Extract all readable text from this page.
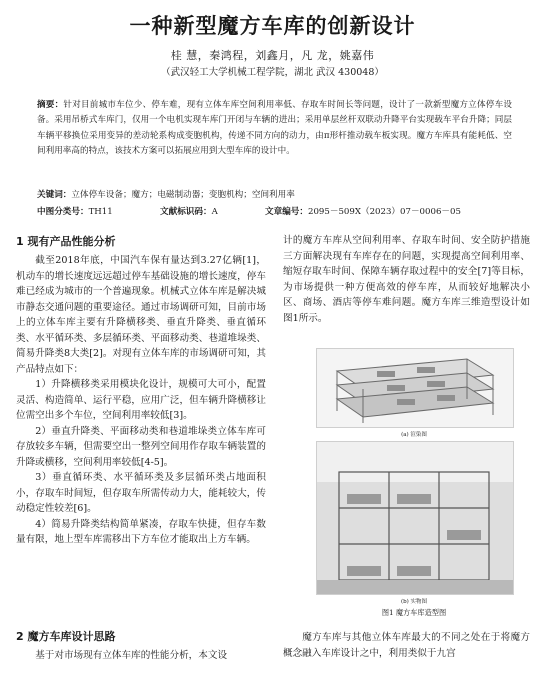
一种新型魔方车库的创新设计
桂 慧，秦鸿程，刘鑫月，凡 龙，姚嘉伟
（武汉轻工大学机械工程学院，湖北 武汉 430048）
摘要：针对目前城市车位少、停车难，现有立体车库空间利用率低、存取车时间长等问题，设计了一款新型魔方立体停车设备。采用吊桥式车库门，仅用一个电机实现车库门开闭与车辆的进出；采用单层丝杆双联动升降平台实现载车平台升降；同层车辆平移换位采用变异的差动轮系构成变胞机构，传递不同方向的动力，由π形杆推动载车板实现。魔方车库具有能耗低、空间利用率高的特点，该技术方案可以拓展应用到大型车库的设计中。
关键词：立体停车设备；魔方；电磁制动器；变胞机构；空间利用率
中图分类号：TH11	文献标识码：A	文章编号：2095－509X（2023）07－0006－05
1 现有产品性能分析

截至2018年底，中国汽车保有量达到3.27亿辆[1]，机动车的增长速度远远超过停车基础设施的增长速度，停车难已经成为城市的一个普遍现象。机械式立体车库是解决城市静态交通问题的重要途径。通过市场调研可知，目前市场上的立体车库主要有升降横移类、垂直升降类、垂直循环类、水平循环类、多层循环类、平面移动类、巷道堆垛类、简易升降类8大类[2]。对现有立体车库的市场调研可知，其产品特点如下：

1）升降横移类采用模块化设计，规模可大可小，配置灵活、构造简单、运行平稳，应用广泛，但车辆升降横移让位需空出多个车位，空间利用率较低[3]。

2）垂直升降类、平面移动类和巷道堆垛类立体车库可存放较多车辆，但需要空出一整列空间用作存取车辆装置的升降或横移，空间利用率较低[4-5]。

3）垂直循环类、水平循环类及多层循环类占地面积小，存取车时间短，但存取车所需传动力大，能耗较大，传动稳定性较差[6]。

4）简易升降类结构简单紧凑，存取车快捷，但存车数量有限，地上型车库需移出下方车位才能取出上方车辆。

计的魔方车库从空间利用率、存取车时间、安全防护措施三方面解决现有车库存在的问题，实现提高空间利用率、缩短存取车时间、保障车辆存取过程中的安全[7]等目标，为市场提供一种方便高效的停车库，从而较好地解决小区、商场、酒店等停车难问题。魔方车库三维造型设计如图1所示。

(a) 渲染图
(b) 实物图
图1 魔方车库造型图
2 魔方车库设计思路

基于对市场现有立体车库的性能分析，本文设

魔方车库与其他立体车库最大的不同之处在于将魔方概念融入车库设计之中，利用类似于九宫
